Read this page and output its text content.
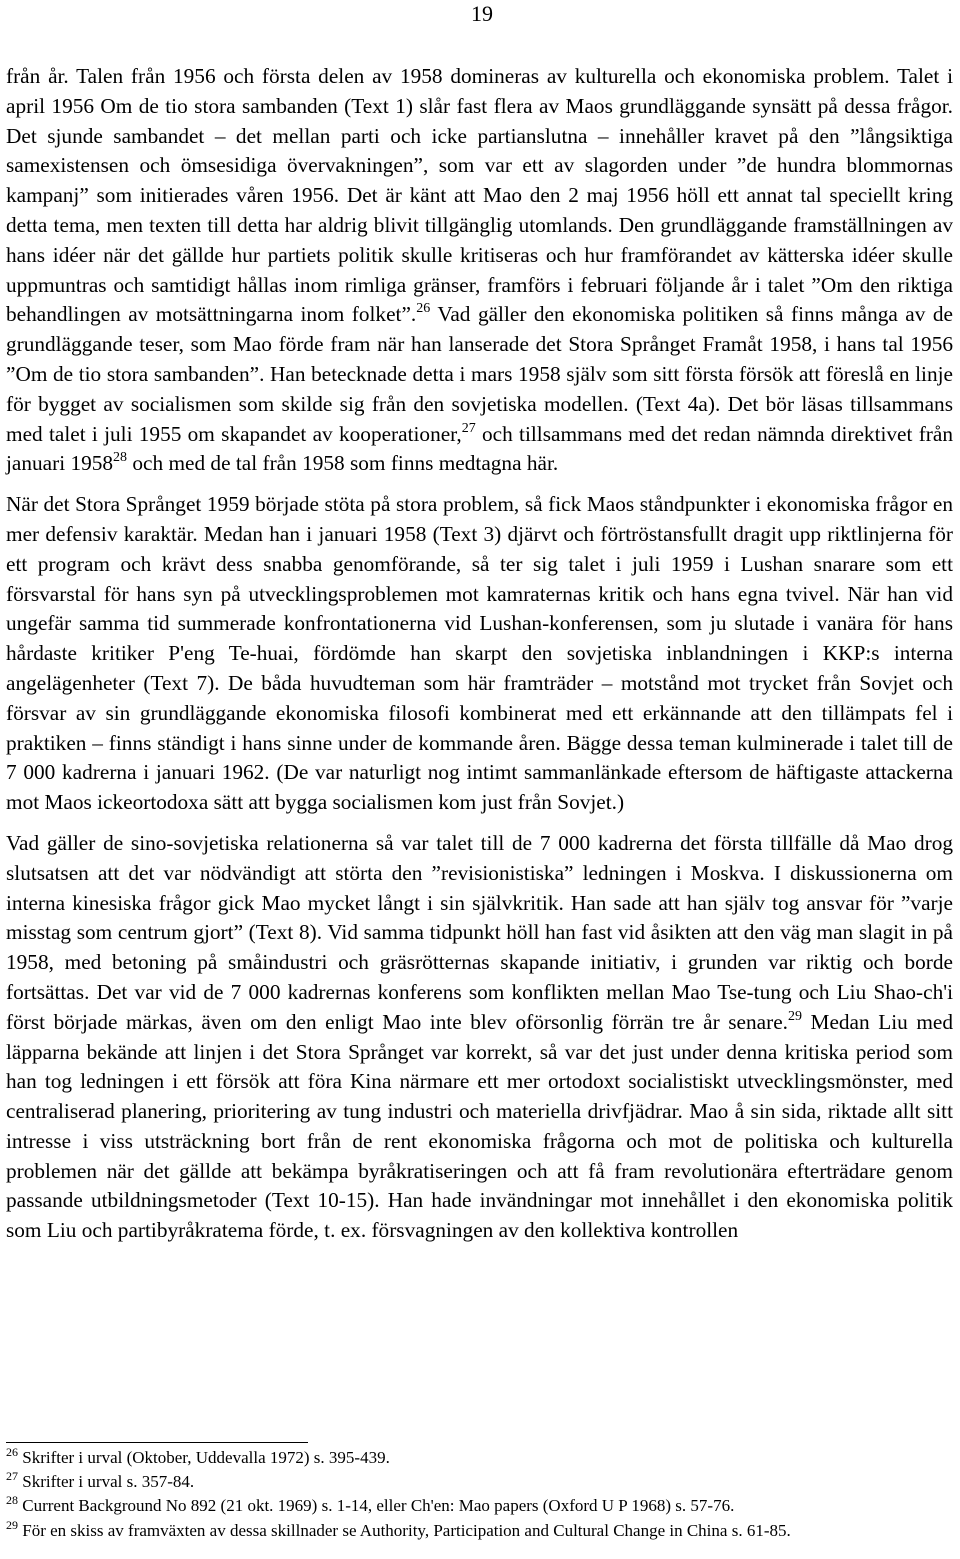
19

från år. Talen från 1956 och första delen av 1958 domineras av kulturella och ekonomiska problem. Talet i april 1956 Om de tio stora sambanden (Text 1) slår fast flera av Maos grundläggande synsätt på dessa frågor. Det sjunde sambandet – det mellan parti och icke partianslutna – innehåller kravet på den ”långsiktiga samexistensen och ömsesidiga övervakningen”, som var ett av slagorden under ”de hundra blommornas kampanj” som initierades våren 1956. Det är känt att Mao den 2 maj 1956 höll ett annat tal speciellt kring detta tema, men texten till detta har aldrig blivit tillgänglig utomlands. Den grundläggande framställningen av hans idéer när det gällde hur partiets politik skulle kritiseras och hur framförandet av kätterska idéer skulle uppmuntras och samtidigt hållas inom rimliga gränser, framförs i februari följande år i talet ”Om den riktiga behandlingen av motsättningarna inom folket”.$^{26}$ Vad gäller den ekonomiska politiken så finns många av de grundläggande teser, som Mao förde fram när han lanserade det Stora Språnget Framåt 1958, i hans tal 1956 ”Om de tio stora sambanden”. Han betecknade detta i mars 1958 själv som sitt första försök att föreslå en linje för bygget av socialismen som skilde sig från den sovjetiska modellen. (Text 4a). Det bör läsas tillsammans med talet i juli 1955 om skapandet av kooperationer,$^{27}$ och tillsammans med det redan nämnda direktivet från januari 1958$^{28}$ och med de tal från 1958 som finns medtagna här.

När det Stora Språnget 1959 började stöta på stora problem, så fick Maos ståndpunkter i ekonomiska frågor en mer defensiv karaktär. Medan han i januari 1958 (Text 3) djärvt och förtröstansfullt dragit upp riktlinjerna för ett program och krävt dess snabba genomförande, så ter sig talet i juli 1959 i Lushan snarare som ett försvarstal för hans syn på utvecklingsproblemen mot kamraternas kritik och hans egna tvivel. När han vid ungefär samma tid summerade konfrontationerna vid Lushan-konferensen, som ju slutade i vanära för hans hårdaste kritiker P'eng Te-huai, fördömde han skarpt den sovjetiska inblandningen i KKP:s interna angelägenheter (Text 7). De båda huvudteman som här framträder – motstånd mot trycket från Sovjet och försvar av sin grundläggande ekonomiska filosofi kombinerat med ett erkännande att den tillämpats fel i praktiken – finns ständigt i hans sinne under de kommande åren. Bägge dessa teman kulminerade i talet till de 7 000 kadrerna i januari 1962. (De var naturligt nog intimt sammanlänkade eftersom de häftigaste attackerna mot Maos ickeortodoxa sätt att bygga socialismen kom just från Sovjet.)

Vad gäller de sino-sovjetiska relationerna så var talet till de 7 000 kadrerna det första tillfälle då Mao drog slutsatsen att det var nödvändigt att störta den ”revisionistiska” ledningen i Moskva. I diskussionerna om interna kinesiska frågor gick Mao mycket långt i sin självkritik. Han sade att han själv tog ansvar för ”varje misstag som centrum gjort” (Text 8). Vid samma tidpunkt höll han fast vid åsikten att den väg man slagit in på 1958, med betoning på småindustri och gräsrötternas skapande initiativ, i grunden var riktig och borde fortsättas. Det var vid de 7 000 kadrernas konferens som konflikten mellan Mao Tse-tung och Liu Shao-ch'i först började märkas, även om den enligt Mao inte blev oförsonlig förrän tre år senare.$^{29}$ Medan Liu med läpparna bekände att linjen i det Stora Språnget var korrekt, så var det just under denna kritiska period som han tog ledningen i ett försök att föra Kina närmare ett mer ortodoxt socialistiskt utvecklingsmönster, med centraliserad planering, prioritering av tung industri och materiella drivfjädrar. Mao å sin sida, riktade allt sitt intresse i viss utsträckning bort från de rent ekonomiska frågorna och mot de politiska och kulturella problemen när det gällde att bekämpa byråkratiseringen och att få fram revolutionära efterträdare genom passande utbildningsmetoder (Text 10-15). Han hade invändningar mot innehållet i den ekonomiska politik som Liu och partibyråkratema förde, t. ex. försvagningen av den kollektiva kontrollen

$^{26}$ Skrifter i urval (Oktober, Uddevalla 1972) s. 395-439.

$^{27}$ Skrifter i urval s. 357-84.

$^{28}$ Current Background No 892 (21 okt. 1969) s. 1-14, eller Ch'en: Mao papers (Oxford U P 1968) s. 57-76.

$^{29}$ För en skiss av framväxten av dessa skillnader se Authority, Participation and Cultural Change in China s. 61-85.
